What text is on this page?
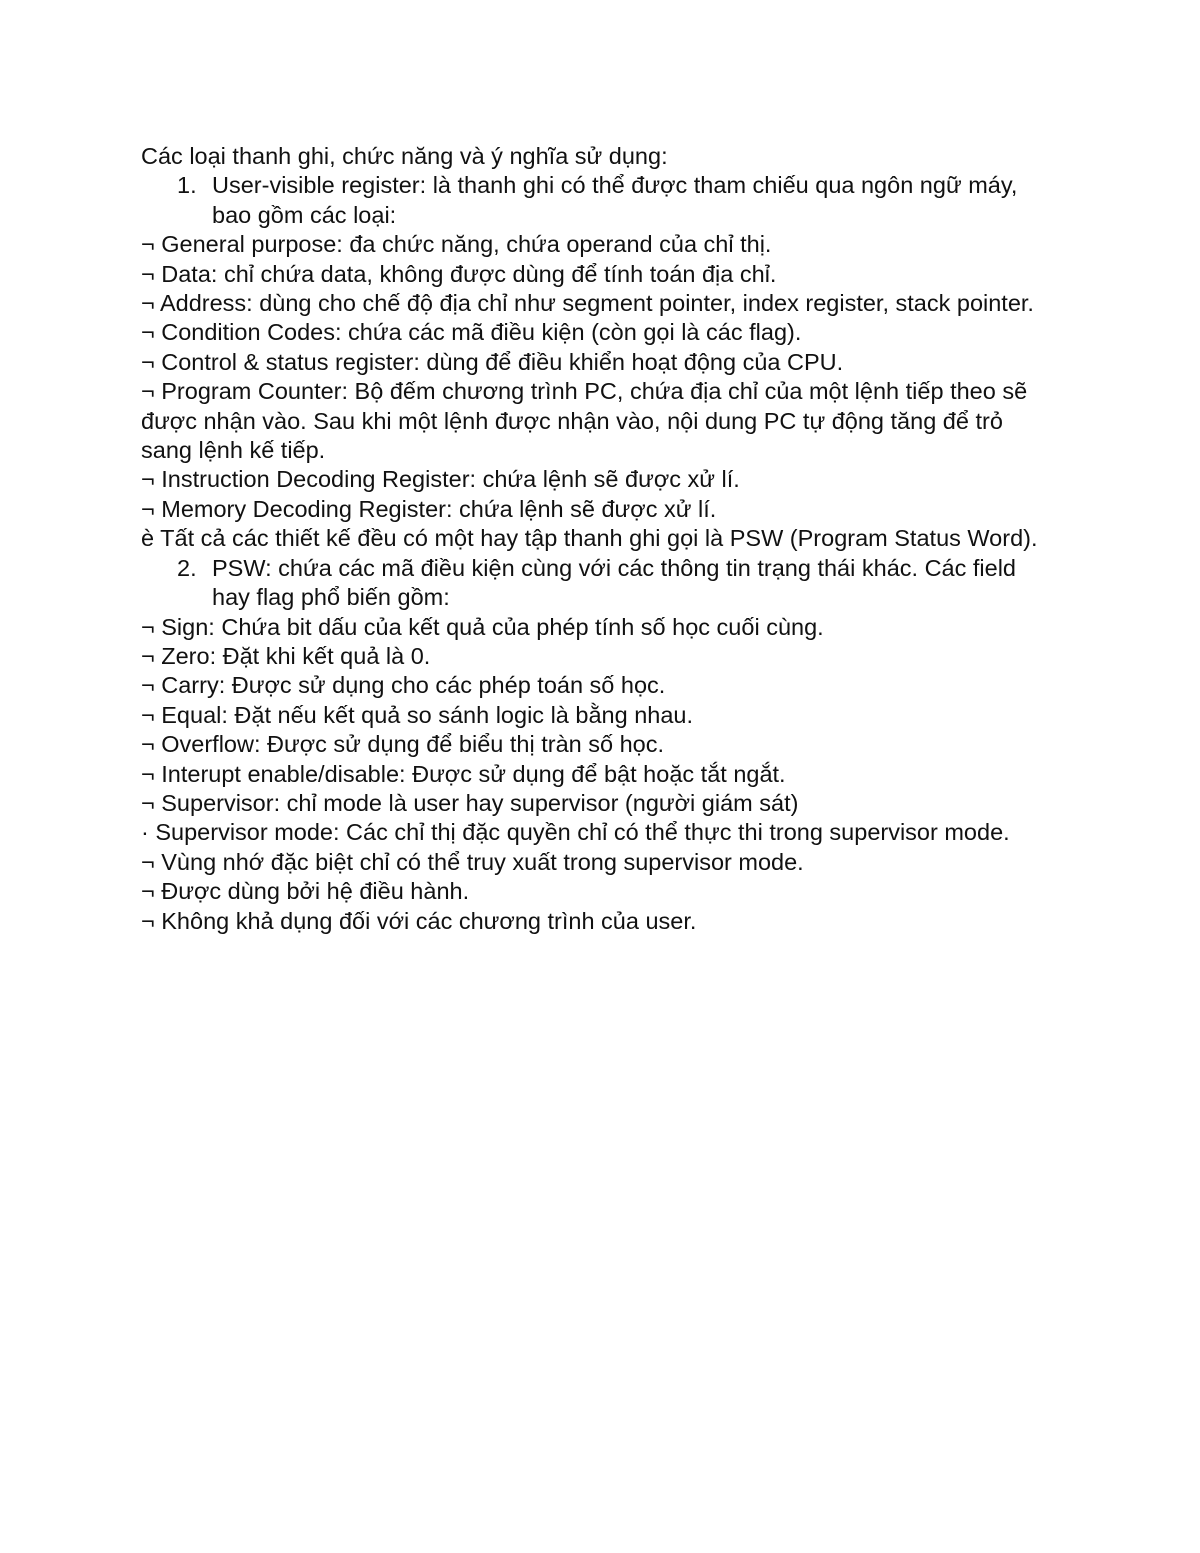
Các loại thanh ghi, chức năng và ý nghĩa sử dụng:

1. User-visible register: là thanh ghi có thể được tham chiếu qua ngôn ngữ máy, bao gồm các loại:

¬ General purpose: đa chức năng, chứa operand của chỉ thị.

¬ Data: chỉ chứa data, không được dùng để tính toán địa chỉ.

¬ Address: dùng cho chế độ địa chỉ như segment pointer, index register, stack pointer.

¬ Condition Codes: chứa các mã điều kiện (còn gọi là các flag).

¬ Control & status register: dùng để điều khiển hoạt động của CPU.

¬ Program Counter: Bộ đếm chương trình PC, chứa địa chỉ của một lệnh tiếp theo sẽ được nhận vào. Sau khi một lệnh được nhận vào, nội dung PC tự động tăng để trỏ sang lệnh kế tiếp.

¬ Instruction Decoding Register: chứa lệnh sẽ được xử lí.

¬ Memory Decoding Register: chứa lệnh sẽ được xử lí.

è Tất cả các thiết kế đều có một hay tập thanh ghi gọi là PSW (Program Status Word).

2. PSW: chứa các mã điều kiện cùng với các thông tin trạng thái khác. Các field hay flag phổ biến gồm:

¬ Sign: Chứa bit dấu của kết quả của phép tính số học cuối cùng.

¬ Zero: Đặt khi kết quả là 0.

¬ Carry: Được sử dụng cho các phép toán số học.

¬ Equal: Đặt nếu kết quả so sánh logic là bằng nhau.

¬ Overflow: Được sử dụng để biểu thị tràn số học.

¬ Interupt enable/disable: Được sử dụng để bật hoặc tắt ngắt.

¬ Supervisor: chỉ mode là user hay supervisor (người giám sát)

· Supervisor mode: Các chỉ thị đặc quyền chỉ có thể thực thi trong supervisor mode.

¬ Vùng nhớ đặc biệt chỉ có thể truy xuất trong supervisor mode.

¬ Được dùng bởi hệ điều hành.

¬ Không khả dụng đối với các chương trình của user.
